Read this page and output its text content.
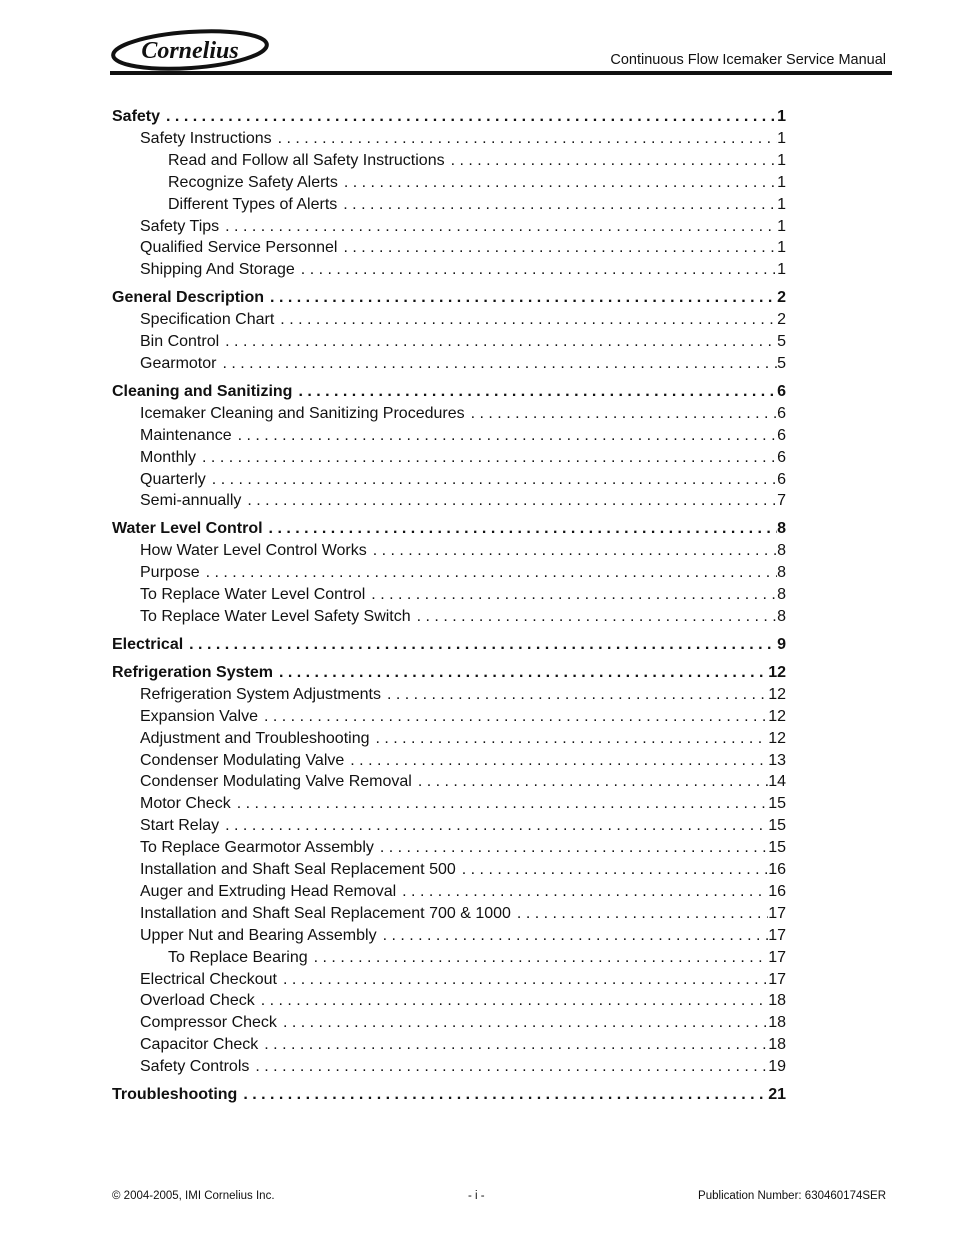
Cornelius	Continuous Flow Icemaker Service Manual
Safety . . .	1
Safety Instructions . . .	1
Read and Follow all Safety Instructions . . .	1
Recognize Safety Alerts . . .	1
Different Types of Alerts . . .	1
Safety Tips . . .	1
Qualified Service Personnel . . .	1
Shipping And Storage . . .	1
General Description . . .	2
Specification Chart . . .	2
Bin Control . . .	5
Gearmotor . . .	5
Cleaning and Sanitizing . . .	6
Icemaker Cleaning and Sanitizing Procedures . . .	6
Maintenance . . .	6
Monthly . . .	6
Quarterly . . .	6
Semi-annually . . .	7
Water Level Control . . .	8
How Water Level Control Works . . .	8
Purpose . . .	8
To Replace Water Level Control . . .	8
To Replace Water Level Safety Switch . . .	8
Electrical . . .	9
Refrigeration System . . .	12
Refrigeration System Adjustments . . .	12
Expansion Valve . . .	12
Adjustment and Troubleshooting . . .	12
Condenser Modulating Valve . . .	13
Condenser Modulating Valve Removal . . .	14
Motor Check . . .	15
Start Relay . . .	15
To Replace Gearmotor Assembly . . .	15
Installation and Shaft Seal Replacement 500 . . .	16
Auger and Extruding Head Removal . . .	16
Installation and Shaft Seal Replacement 700 & 1000 . . .	17
Upper Nut and Bearing Assembly . . .	17
To Replace Bearing . . .	17
Electrical Checkout . . .	17
Overload Check . . .	18
Compressor Check . . .	18
Capacitor Check . . .	18
Safety Controls . . .	19
Troubleshooting . . .	21
© 2004-2005, IMI Cornelius Inc.	- i -	Publication Number: 630460174SER
